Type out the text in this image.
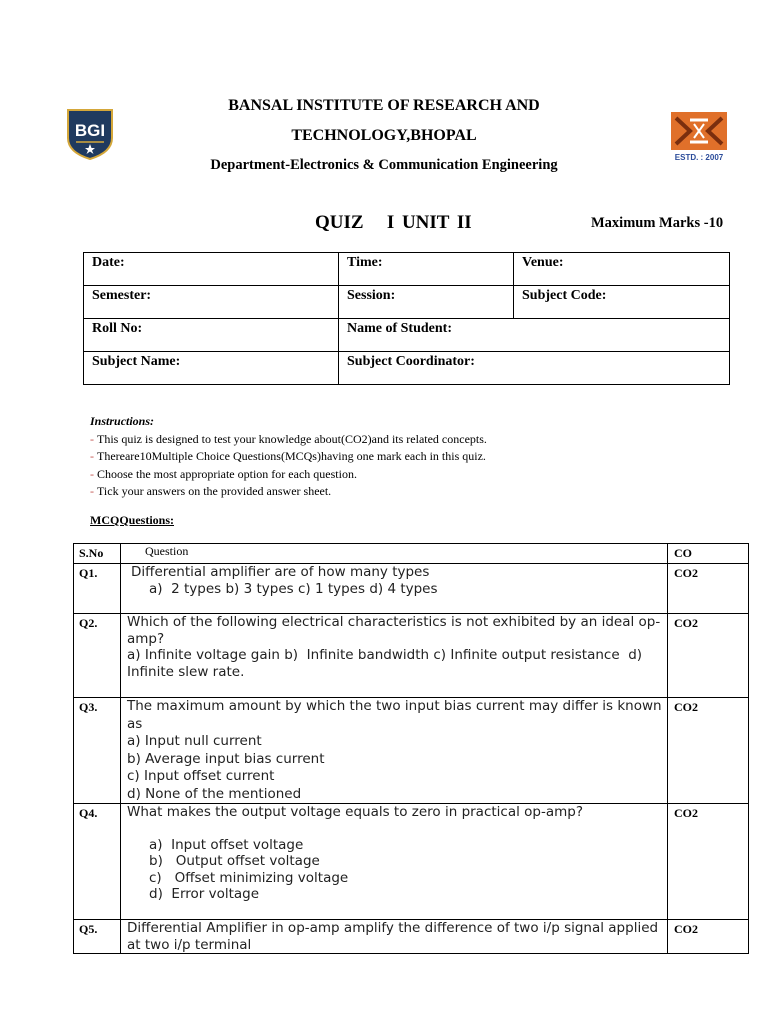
BGI
ESTD. : 2007
BANSAL INSTITUTE OF RESEARCH AND
TECHNOLOGY,BHOPAL
Department-Electronics & Communication Engineering
QUIZ   I UNIT II	Maximum Marks -10
Date:	Time:	Venue:
Semester:	Session:	Subject Code:
Roll No:	Name of Student:	
Subject Name:	Subject Coordinator:	
Instructions:
- This quiz is designed to test your knowledge about(CO2)and its related concepts.
- Thereare10Multiple Choice Questions(MCQs)having one mark each in this quiz.
- Choose the most appropriate option for each question.
- Tick your answers on the provided answer sheet.
MCQQuestions:
S.No	Question	CO
Q1.	Differential amplifier are of how many types
a)  2 types b) 3 types c) 1 types d) 4 types	CO2
Q2.	Which of the following electrical characteristics is not exhibited by an ideal op-amp?
a) Infinite voltage gain b)  Infinite bandwidth c) Infinite output resistance  d) Infinite slew rate.	CO2
Q3.	The maximum amount by which the two input bias current may differ is known as
a) Input null current
b) Average input bias current
c) Input offset current
d) None of the mentioned	CO2
Q4.	What makes the output voltage equals to zero in practical op-amp?
a)  Input offset voltage
b)   Output offset voltage
c)   Offset minimizing voltage
d)  Error voltage	CO2
Q5.	Differential Amplifier in op-amp amplify the difference of two i/p signal applied at two i/p terminal	CO2
